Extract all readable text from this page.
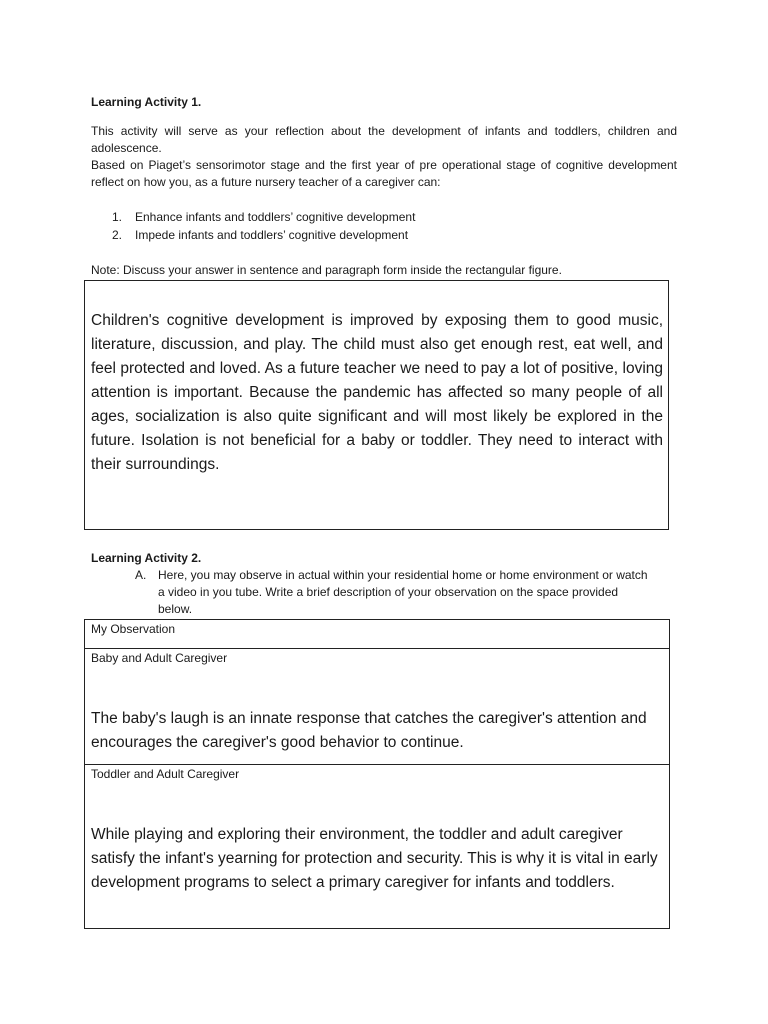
Learning Activity 1.
This activity will serve as your reflection about the development of infants and toddlers, children and adolescence.
Based on Piaget’s sensorimotor stage and the first year of pre operational stage of cognitive development reflect on how you, as a future nursery teacher of a caregiver can:
1. Enhance infants and toddlers’ cognitive development
2. Impede infants and toddlers’ cognitive development
Note: Discuss your answer in sentence and paragraph form inside the rectangular figure.
Children's cognitive development is improved by exposing them to good music, literature, discussion, and play. The child must also get enough rest, eat well, and feel protected and loved. As a future teacher we need to pay a lot of positive, loving attention is important. Because the pandemic has affected so many people of all ages, socialization is also quite significant and will most likely be explored in the future. Isolation is not beneficial for a baby or toddler. They need to interact with their surroundings.
Learning Activity 2.
A. Here, you may observe in actual within your residential home or home environment or watch a video in you tube. Write a brief description of your observation on the space provided below.
My Observation

Baby and Adult Caregiver
The baby's laugh is an innate response that catches the caregiver's attention and encourages the caregiver's good behavior to continue.

Toddler and Adult Caregiver
While playing and exploring their environment, the toddler and adult caregiver satisfy the infant's yearning for protection and security. This is why it is vital in early development programs to select a primary caregiver for infants and toddlers.
